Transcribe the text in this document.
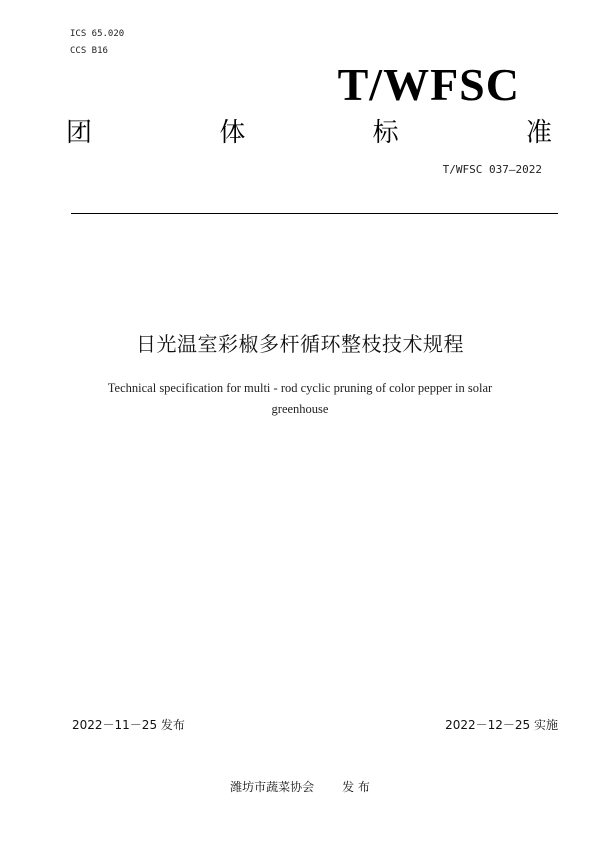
ICS 65.020
CCS B16
T/WFSC
团	体	标	准
T/WFSC 037—2022
日光温室彩椒多杆循环整枝技术规程
Technical specification for multi - rod cyclic pruning of color pepper in solar greenhouse
2022－11－25 发布	2022－12－25 实施
潍坊市蔬菜协会 发 布
